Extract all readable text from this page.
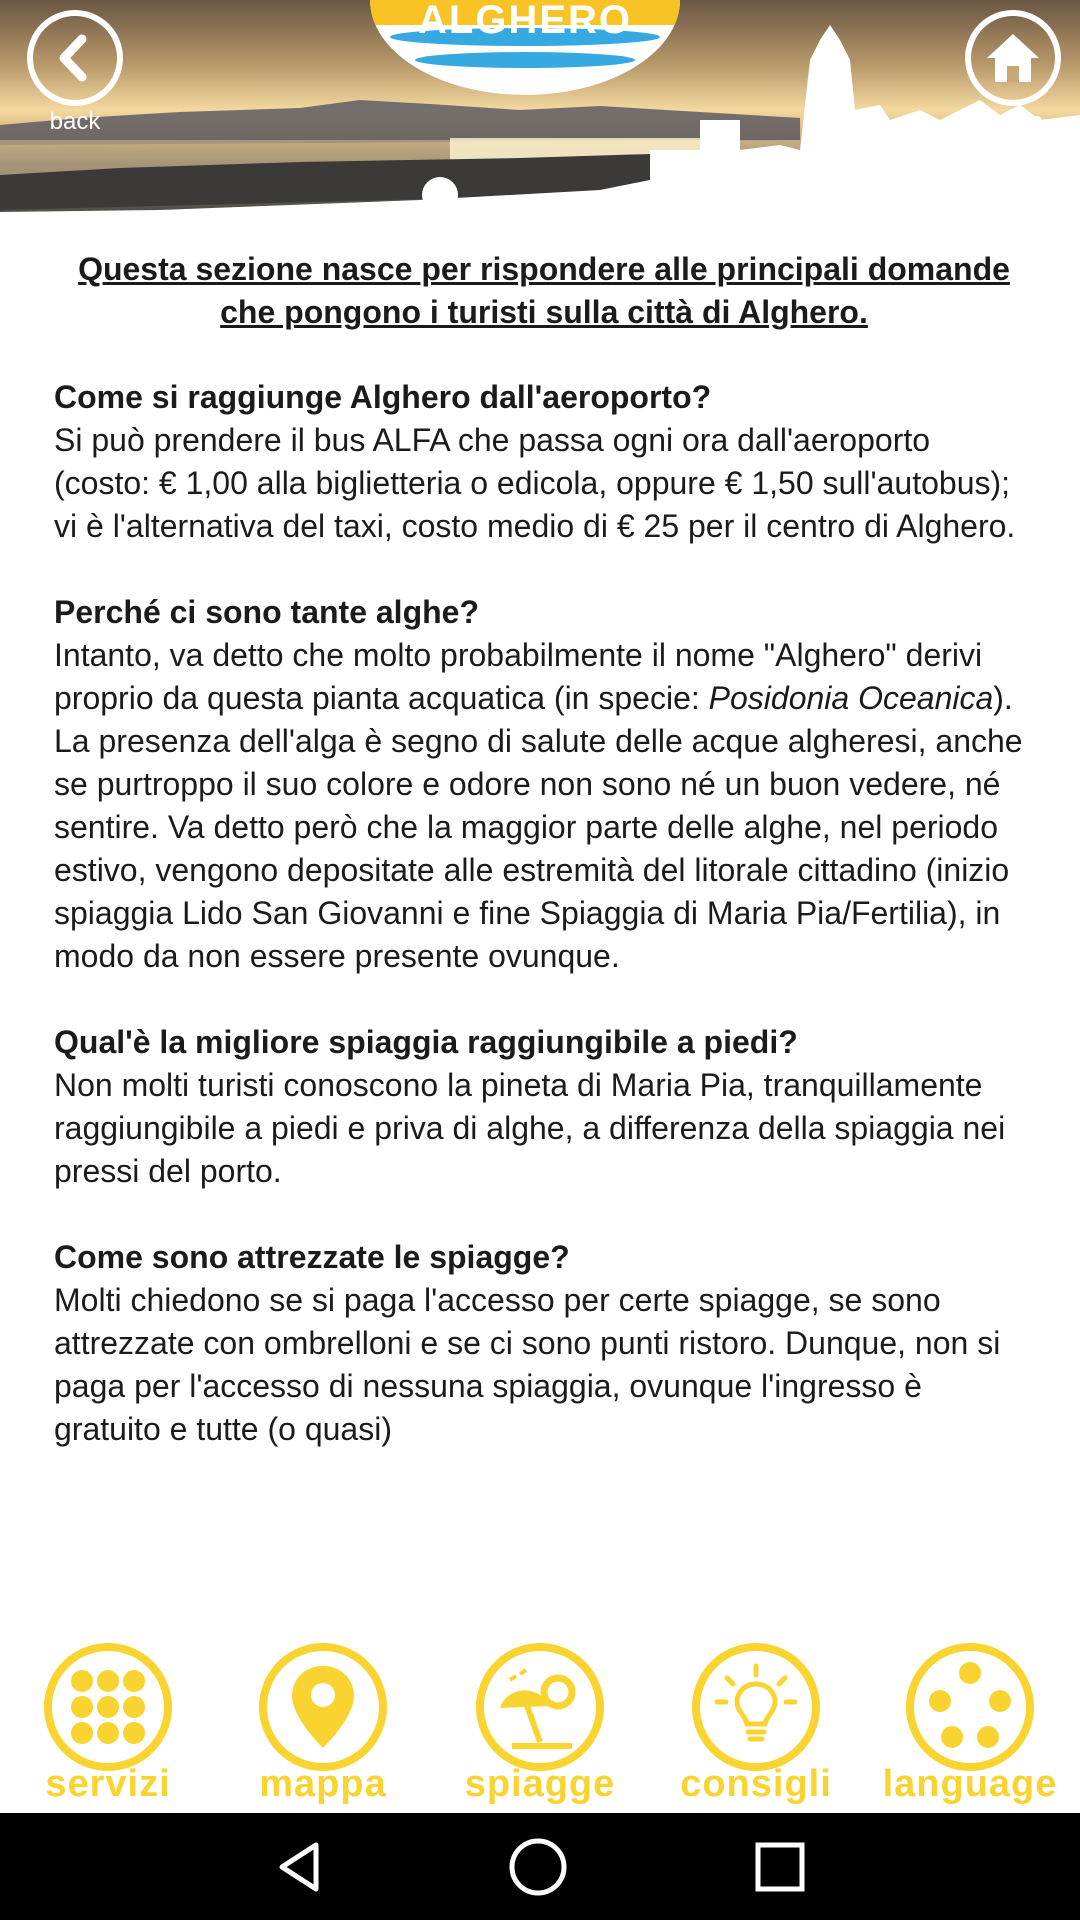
ALGHERO
back	home
Questa sezione nasce per rispondere alle principali domande che pongono i turisti sulla città di Alghero.
Come si raggiunge Alghero dall'aeroporto?
Si può prendere il bus ALFA che passa ogni ora dall'aeroporto (costo: € 1,00 alla biglietteria o edicola, oppure € 1,50 sull'autobus); vi è l'alternativa del taxi, costo medio di € 25 per il centro di Alghero.
Perché ci sono tante alghe?
Intanto, va detto che molto probabilmente il nome "Alghero" derivi proprio da questa pianta acquatica (in specie: Posidonia Oceanica). La presenza dell'alga è segno di salute delle acque algheresi, anche se purtroppo il suo colore e odore non sono né un buon vedere, né sentire. Va detto però che la maggior parte delle alghe, nel periodo estivo, vengono depositate alle estremità del litorale cittadino (inizio spiaggia Lido San Giovanni e fine Spiaggia di Maria Pia/Fertilia), in modo da non essere presente ovunque.
Qual'è la migliore spiaggia raggiungibile a piedi?
Non molti turisti conoscono la pineta di Maria Pia, tranquillamente raggiungibile a piedi e priva di alghe, a differenza della spiaggia nei pressi del porto.
Come sono attrezzate le spiagge?
Molti chiedono se si paga l'accesso per certe spiagge, se sono attrezzate con ombrelloni e se ci sono punti ristoro. Dunque, non si paga per l'accesso di nessuna spiaggia, ovunque l'ingresso è gratuito e tutte (o quasi)
servizi	mappa	spiagge	consigli	language
